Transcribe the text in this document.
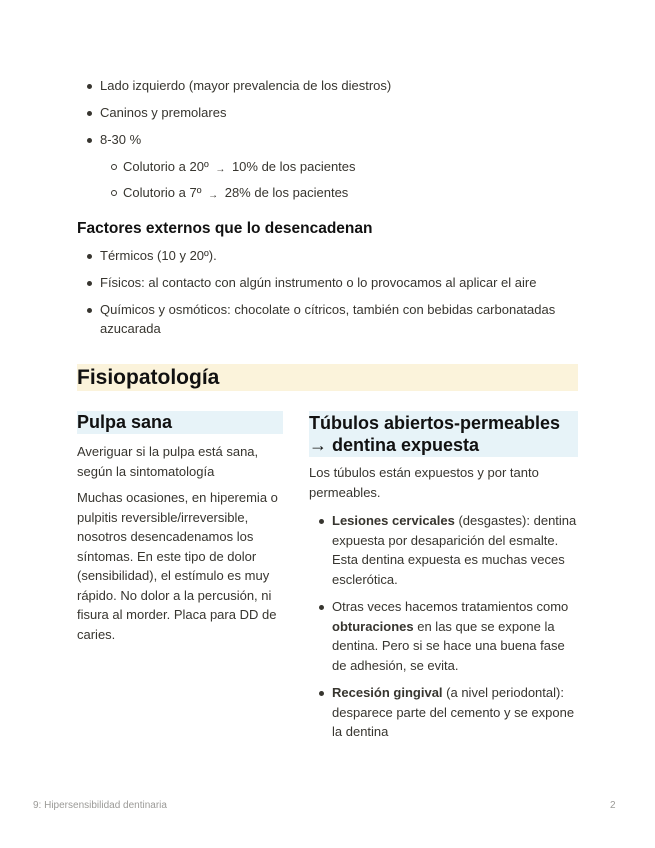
Lado izquierdo (mayor prevalencia de los diestros)
Caninos y premolares
8-30 %
Colutorio a 20º → 10% de los pacientes
Colutorio a 7º → 28% de los pacientes
Factores externos que lo desencadenan
Térmicos (10 y 20º).
Físicos: al contacto con algún instrumento o lo provocamos al aplicar el aire
Químicos y osmóticos: chocolate o cítricos, también con bebidas carbonatadas
azucarada
Fisiopatología
Pulpa sana

Averiguar si la pulpa está sana,
según la sintomatología

Muchas ocasiones, en hiperemia o
pulpitis reversible/irreversible,
nosotros desencadenamos los
síntomas. En este tipo de dolor
(sensibilidad), el estímulo es muy
rápido. No dolor a la percusión, ni
fisura al morder. Placa para DD de
caries.

Túbulos abiertos-permeables
→ dentina expuesta

Los túbulos están expuestos y por tanto
permeables.

Lesiones cervicales (desgastes): dentina
expuesta por desaparición del esmalte.
Esta dentina expuesta es muchas veces
esclerótica.
Otras veces hacemos tratamientos como
obturaciones en las que se expone la
dentina. Pero si se hace una buena fase
de adhesión, se evita.
Recesión gingival (a nivel periodontal):
desparece parte del cemento y se expone
la dentina
9: Hipersensibilidad dentinaria	2
